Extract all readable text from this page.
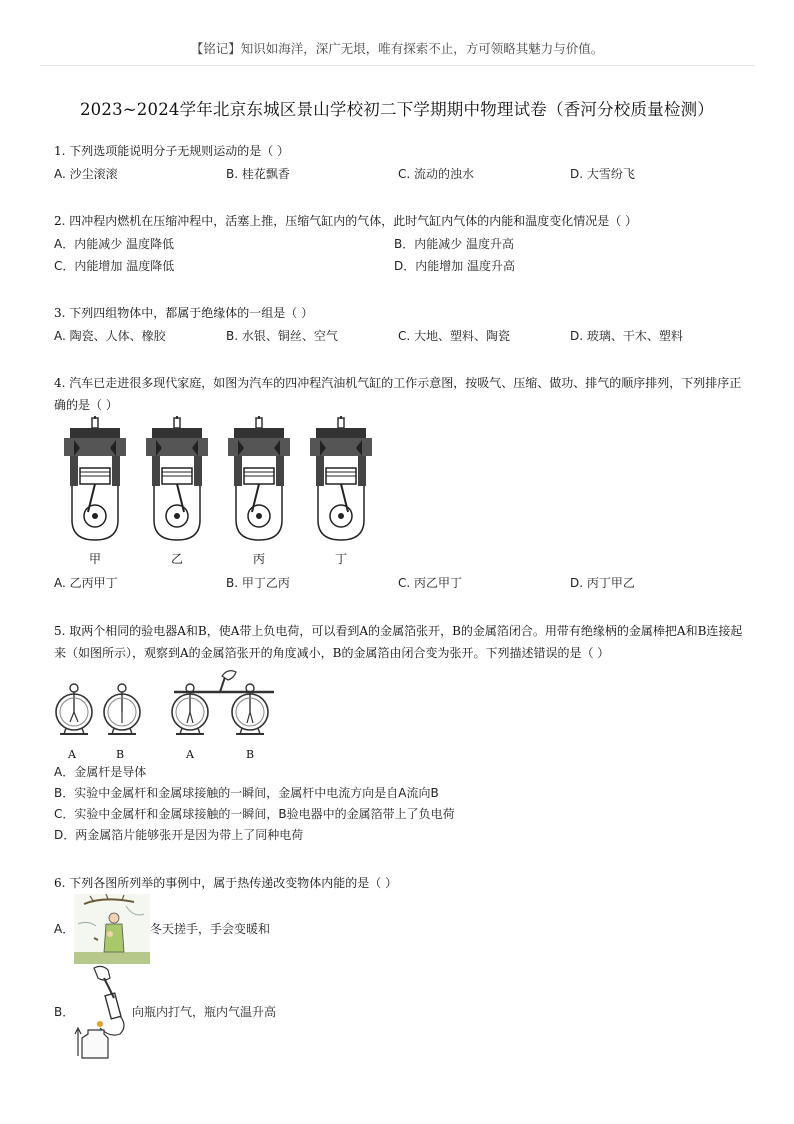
【铭记】知识如海洋，深广无垠，唯有探索不止，方可领略其魅力与价值。
2023~2024学年北京东城区景山学校初二下学期期中物理试卷（香河分校质量检测）
1. 下列选项能说明分子无规则运动的是（ ）
A. 沙尘滚滚	B. 桂花飘香	C. 流动的浊水	D. 大雪纷飞
2. 四冲程内燃机在压缩冲程中，活塞上推，压缩气缸内的气体，此时气缸内气体的内能和温度变化情况是（ ）
A．内能减少 温度降低	B．内能减少 温度升高
C．内能增加 温度降低	D．内能增加 温度升高
3. 下列四组物体中，都属于绝缘体的一组是（ ）
A. 陶瓷、人体、橡胶	B. 水银、铜丝、空气	C. 大地、塑料、陶瓷	D. 玻璃、干木、塑料
4. 汽车已走进很多现代家庭，如图为汽车的四冲程汽油机气缸的工作示意图，按吸气、压缩、做功、排气的顺序排列，下列排序正确的是（ ）
甲	乙	丙	丁
A. 乙丙甲丁	B. 甲丁乙丙	C. 丙乙甲丁	D. 丙丁甲乙
5. 取两个相同的验电器A和B，使A带上负电荷，可以看到A的金属箔张开，B的金属箔闭合。用带有绝缘柄的金属棒把A和B连接起来（如图所示），观察到A的金属箔张开的角度减小，B的金属箔由闭合变为张开。下列描述错误的是（ ）
A	B	A	B
A．金属杆是导体
B．实验中金属杆和金属球接触的一瞬间，金属杆中电流方向是自A流向B
C．实验中金属杆和金属球接触的一瞬间，B验电器中的金属箔带上了负电荷
D．两金属箔片能够张开是因为带上了同种电荷
6. 下列各图所列举的事例中，属于热传递改变物体内能的是（ ）
A．	冬天搓手，手会变暖和
B．	向瓶内打气，瓶内气温升高
